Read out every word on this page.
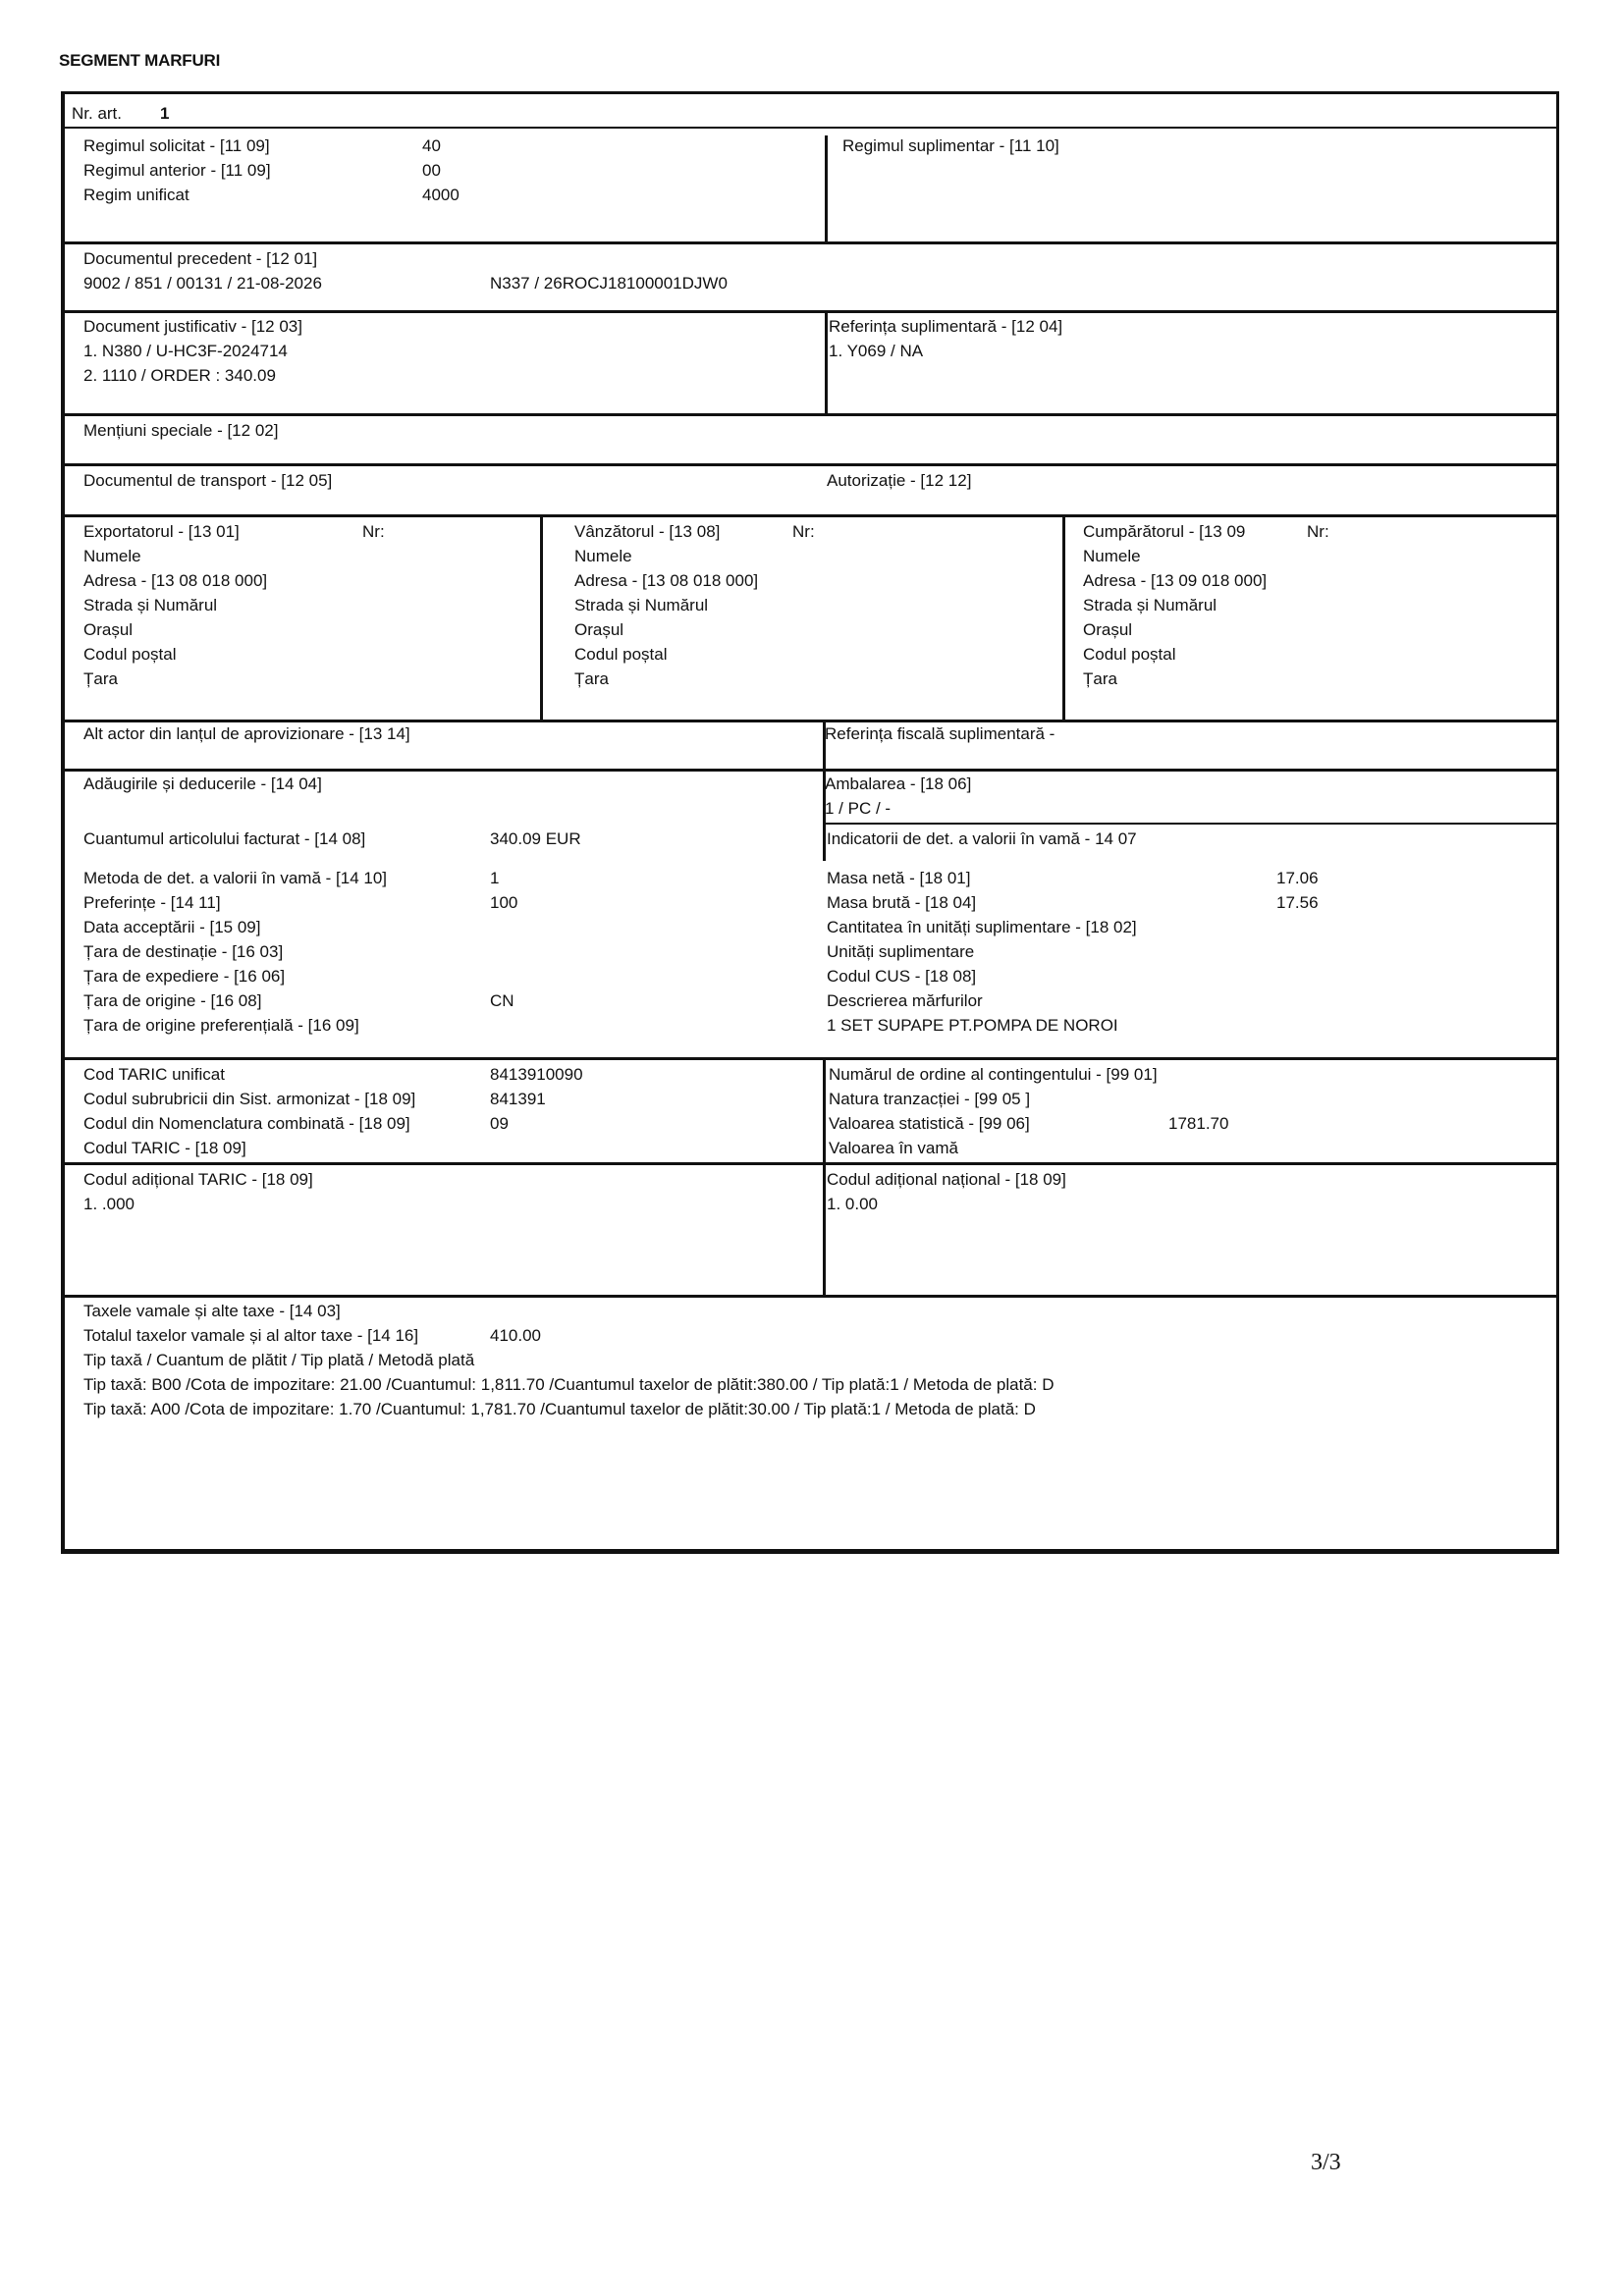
SEGMENT MARFURI
Nr. art. 1
Regimul solicitat - [11 09]	40
Regimul anterior - [11 09]	00
Regim unificat	4000
Regimul suplimentar - [11 10]
Documentul precedent - [12 01]
9002 / 851 / 00131 / 21-08-2026	N337 / 26ROCJ18100001DJW0
Document justificativ - [12 03]
1. N380 / U-HC3F-2024714
2. 1110 / ORDER : 340.09
Referința suplimentară - [12 04]
1. Y069 / NA
Mențiuni speciale - [12 02]
Documentul de transport - [12 05]	Autorizație - [12 12]
Exportatorul - [13 01]	Nr:
Numele
Adresa - [13 08 018 000]
Strada și Numărul
Orașul
Codul poștal
Țara
Vânzătorul - [13 08]	Nr:
Numele
Adresa - [13 08 018 000]
Strada și Numărul
Orașul
Codul poștal
Țara
Cumpărătorul - [13 09	Nr:
Numele
Adresa - [13 09 018 000]
Strada și Numărul
Orașul
Codul poștal
Țara
Alt actor din lanțul de aprovizionare - [13 14]	Referința fiscală suplimentară -
Adăugirile și deducerile - [14 04]	Ambalarea - [18 06]
1 / PC / -
Cuantumul articolului facturat - [14 08]	340.09 EUR	Indicatorii de det. a valorii în vamă - 14 07
Metoda de det. a valorii în vamă - [14 10]	1
Preferințe - [14 11]	100
Data acceptării - [15 09]
Țara de destinație - [16 03]
Țara de expediere - [16 06]
Țara de origine - [16 08]	CN
Țara de origine preferențială - [16 09]
Masa netă - [18 01]	17.06
Masa brută - [18 04]	17.56
Cantitatea în unități suplimentare - [18 02]
Unități suplimentare
Codul CUS - [18 08]
Descrierea mărfurilor
1 SET SUPAPE PT.POMPA DE NOROI
Cod TARIC unificat	8413910090
Codul subrubricii din Sist. armonizat - [18 09]	841391
Codul din Nomenclatura combinată - [18 09]	09
Codul TARIC - [18 09]
Numărul de ordine al contingentului - [99 01]
Natura tranzacției - [99 05 ]
Valoarea statistică - [99 06]	1781.70
Valoarea în vamă
Codul adițional TARIC - [18 09]
1. .000
Codul adițional național - [18 09]
1. 0.00
Taxele vamale și alte taxe - [14 03]
Totalul taxelor vamale și al altor taxe - [14 16]	410.00
Tip taxă / Cuantum de plătit / Tip plată / Metodă plată
Tip taxă: B00 /Cota de impozitare: 21.00 /Cuantumul: 1,811.70 /Cuantumul taxelor de plătit:380.00 / Tip plată:1 / Metoda de plată: D
Tip taxă: A00 /Cota de impozitare: 1.70 /Cuantumul: 1,781.70 /Cuantumul taxelor de plătit:30.00 / Tip plată:1 / Metoda de plată: D
3/3
